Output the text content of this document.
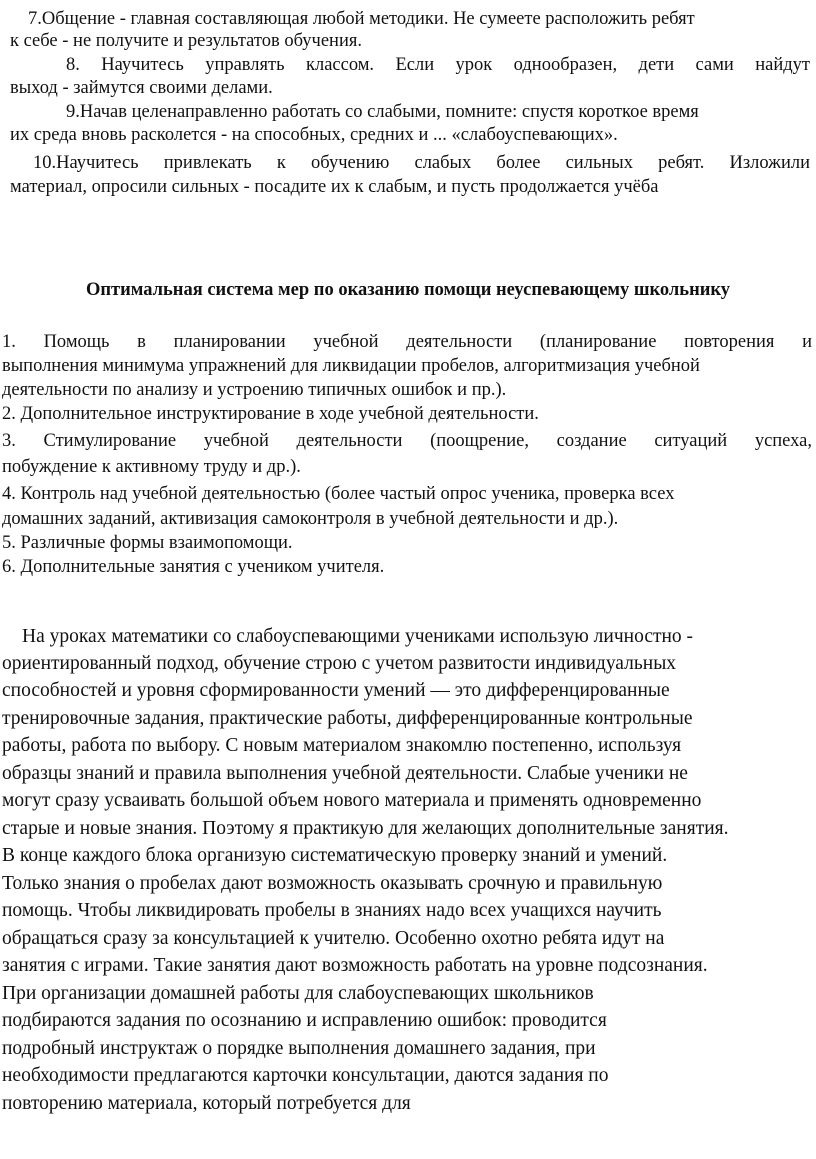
7.Общение - главная составляющая любой методики. Не сумеете расположить ребят
к себе - не получите и результатов обучения.
8. Научитесь управлять классом. Если урок однообразен, дети сами найдут
выход - займутся своими делами.
9.Начав целенаправленно работать со слабыми, помните: спустя короткое время
их среда вновь расколется - на способных, средних и ... «слабоуспевающих».
10.Научитесь привлекать к обучению слабых более сильных ребят. Изложили
материал, опросили сильных - посадите их к слабым, и пусть продолжается учёба
Оптимальная система мер по оказанию помощи неуспевающему школьнику
1. Помощь в планировании учебной деятельности (планирование повторения и
выполнения минимума упражнений для ликвидации пробелов, алгоритмизация учебной
деятельности по анализу и устроению типичных ошибок и пр.).
2. Дополнительное инструктирование в ходе учебной деятельности.
3. Стимулирование учебной деятельности (поощрение, создание ситуаций успеха,
побуждение к активному труду и др.).
4. Контроль над учебной деятельностью (более частый опрос ученика, проверка всех
домашних заданий, активизация самоконтроля в учебной деятельности и др.).
5. Различные формы взаимопомощи.
6. Дополнительные занятия с учеником учителя.
На уроках математики со слабоуспевающими учениками использую личностно -
ориентированный подход, обучение строю с учетом развитости индивидуальных
способностей и уровня сформированности умений — это дифференцированные
тренировочные задания, практические работы, дифференцированные контрольные
работы, работа по выбору. С новым материалом знакомлю постепенно, используя
образцы знаний и правила выполнения учебной деятельности. Слабые ученики не
могут сразу усваивать большой объем нового материала и применять одновременно
старые и новые знания. Поэтому я практикую для желающих дополнительные занятия.
В конце каждого блока организую систематическую проверку знаний и умений.
Только знания о пробелах дают возможность оказывать срочную и правильную
помощь. Чтобы ликвидировать пробелы в знаниях надо всех учащихся научить
обращаться сразу за консультацией к учителю. Особенно охотно ребята идут на
занятия с играми. Такие занятия дают возможность работать на уровне подсознания.
При организации домашней работы для слабоуспевающих школьников
подбираются задания по осознанию и исправлению ошибок: проводится
подробный инструктаж о порядке выполнения домашнего задания, при
необходимости предлагаются карточки консультации, даются задания по
повторению материала, который потребуется для
